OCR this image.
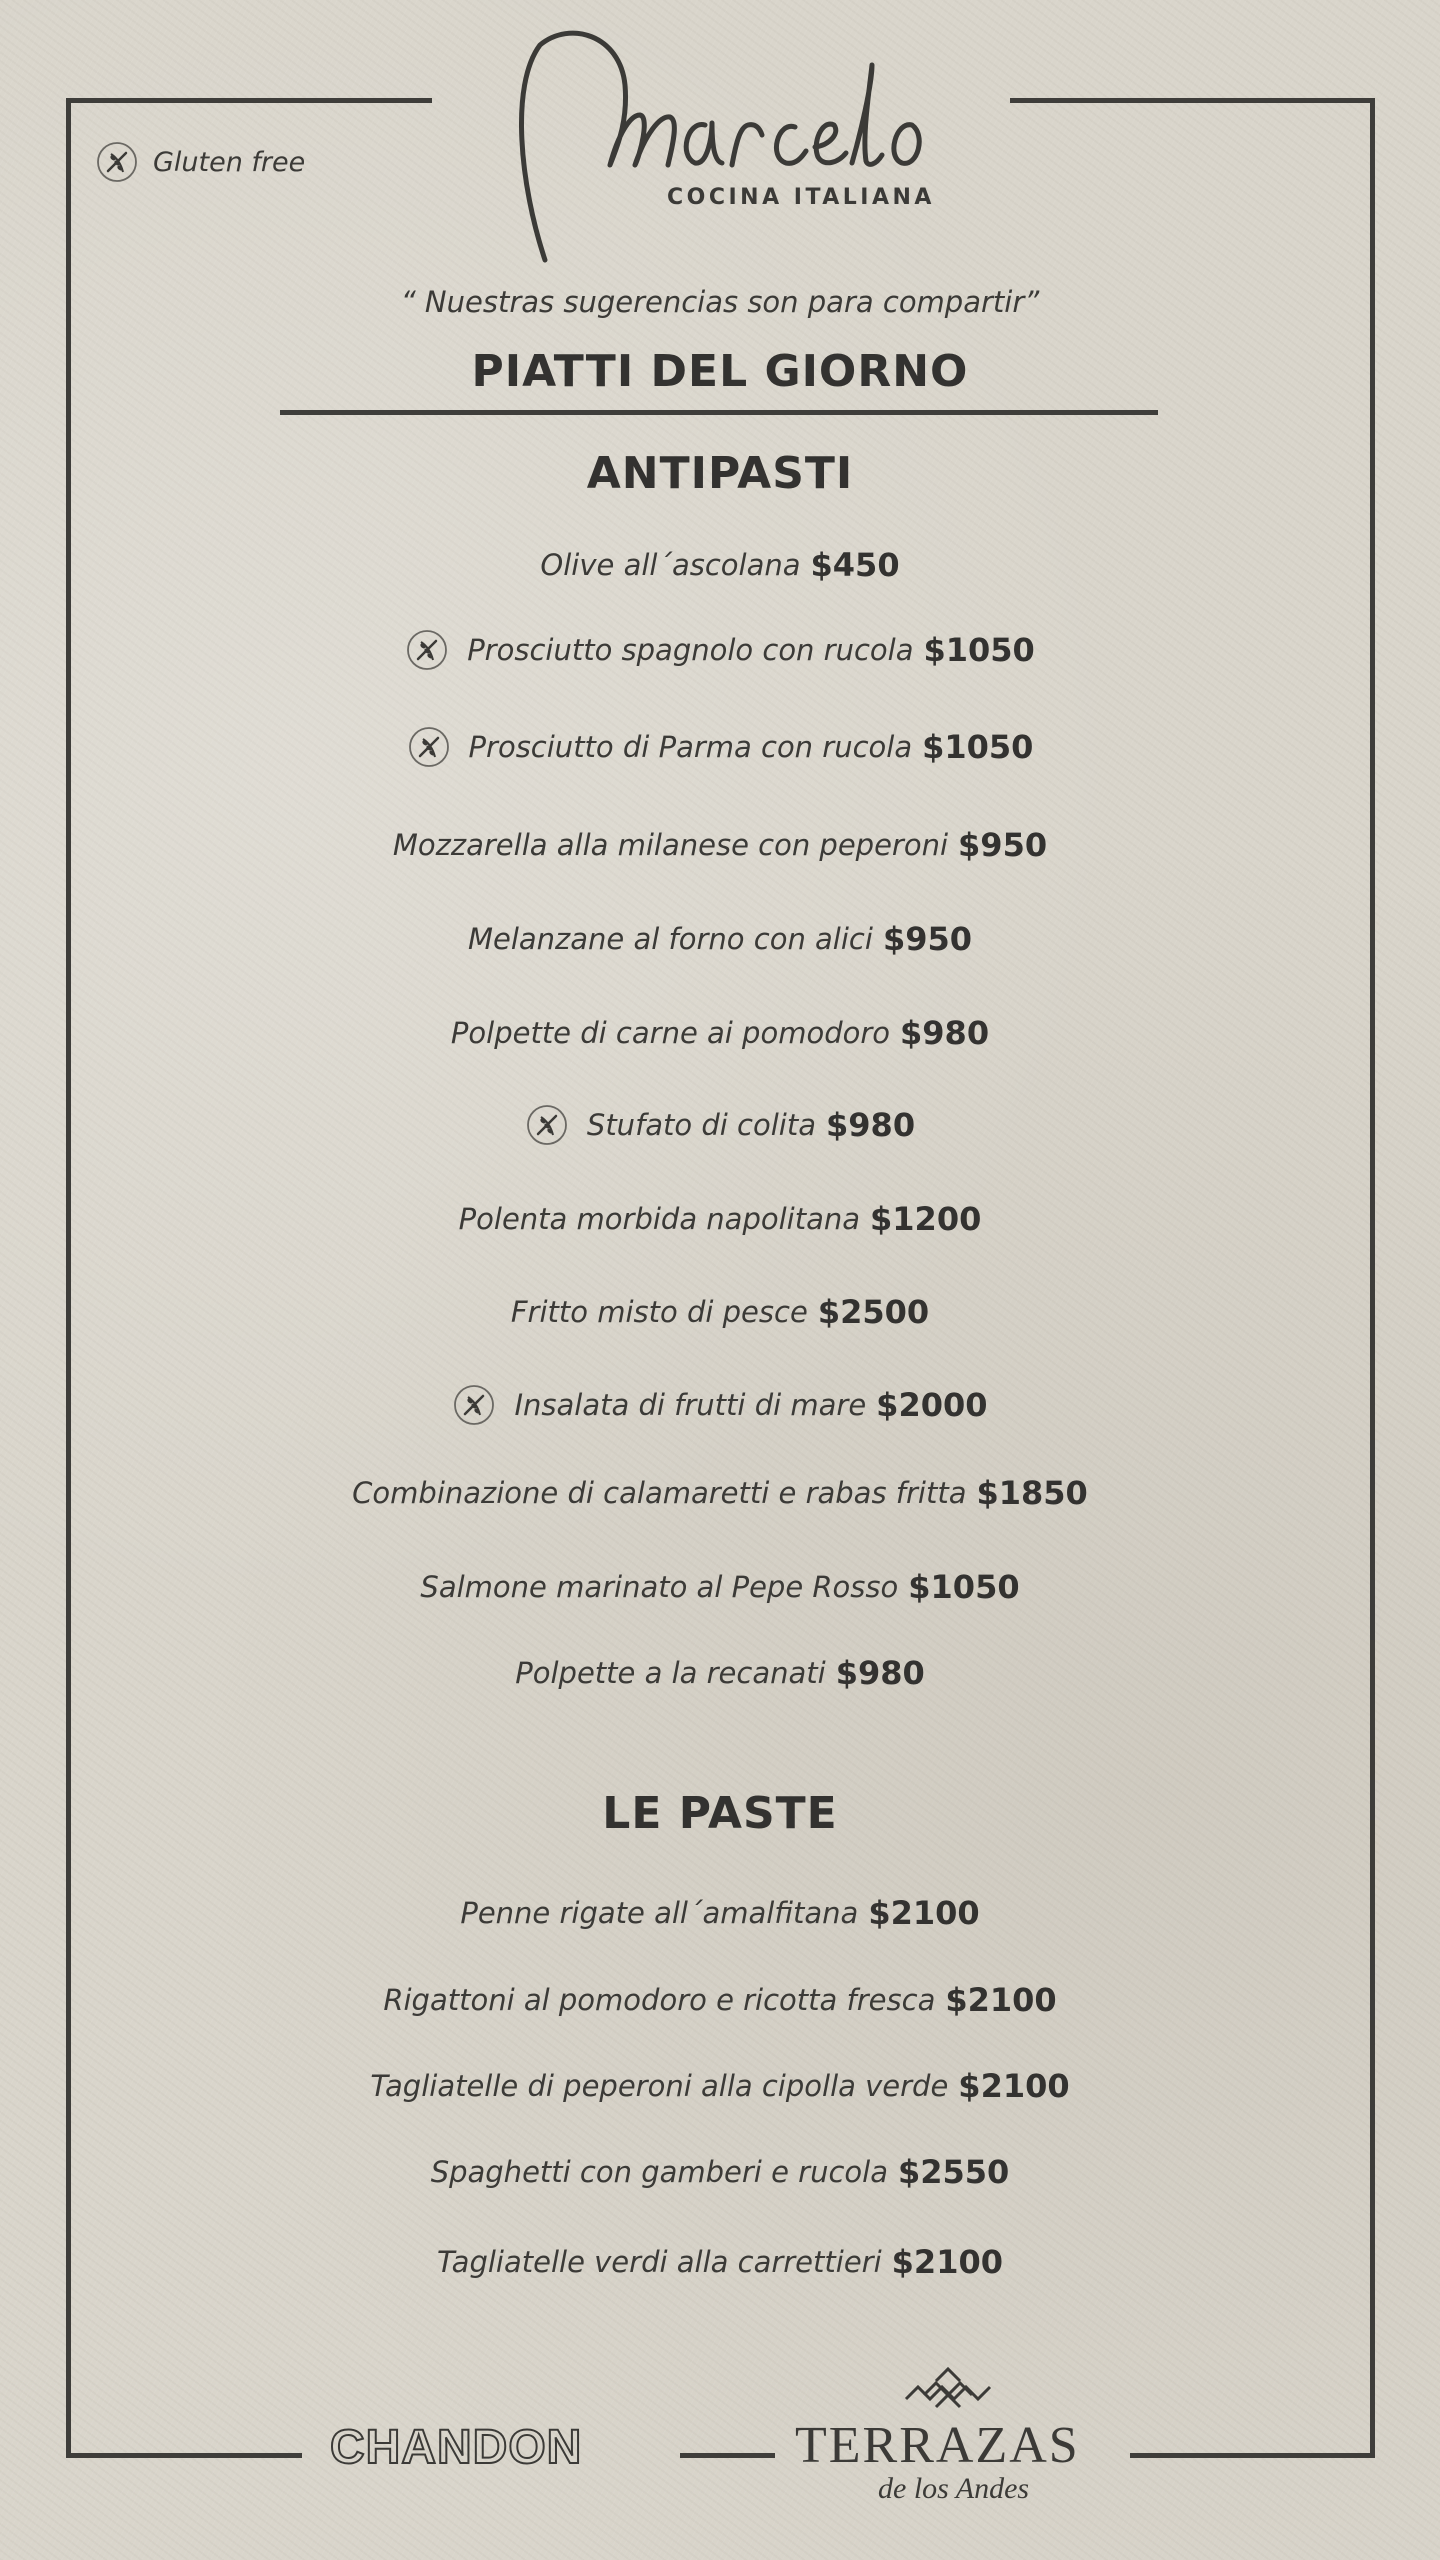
COCINA ITALIANA
Gluten free
“ Nuestras sugerencias son para compartir”
PIATTI DEL GIORNO
ANTIPASTI
Olive all´ascolana $450
Prosciutto spagnolo con rucola $1050
Prosciutto di Parma con rucola $1050
Mozzarella alla milanese con peperoni $950
Melanzane al forno con alici $950
Polpette di carne ai pomodoro $980
Stufato di colita $980
Polenta morbida napolitana $1200
Fritto misto di pesce $2500
Insalata di frutti di mare $2000
Combinazione di calamaretti e rabas fritta $1850
Salmone marinato al Pepe Rosso $1050
Polpette a la recanati $980
LE PASTE
Penne rigate all´amalfitana $2100
Rigattoni al pomodoro e ricotta fresca $2100
Tagliatelle di peperoni alla cipolla verde $2100
Spaghetti con gamberi e rucola $2550
Tagliatelle verdi alla carrettieri $2100
CHANDON	TERRAZAS
de los Andes
